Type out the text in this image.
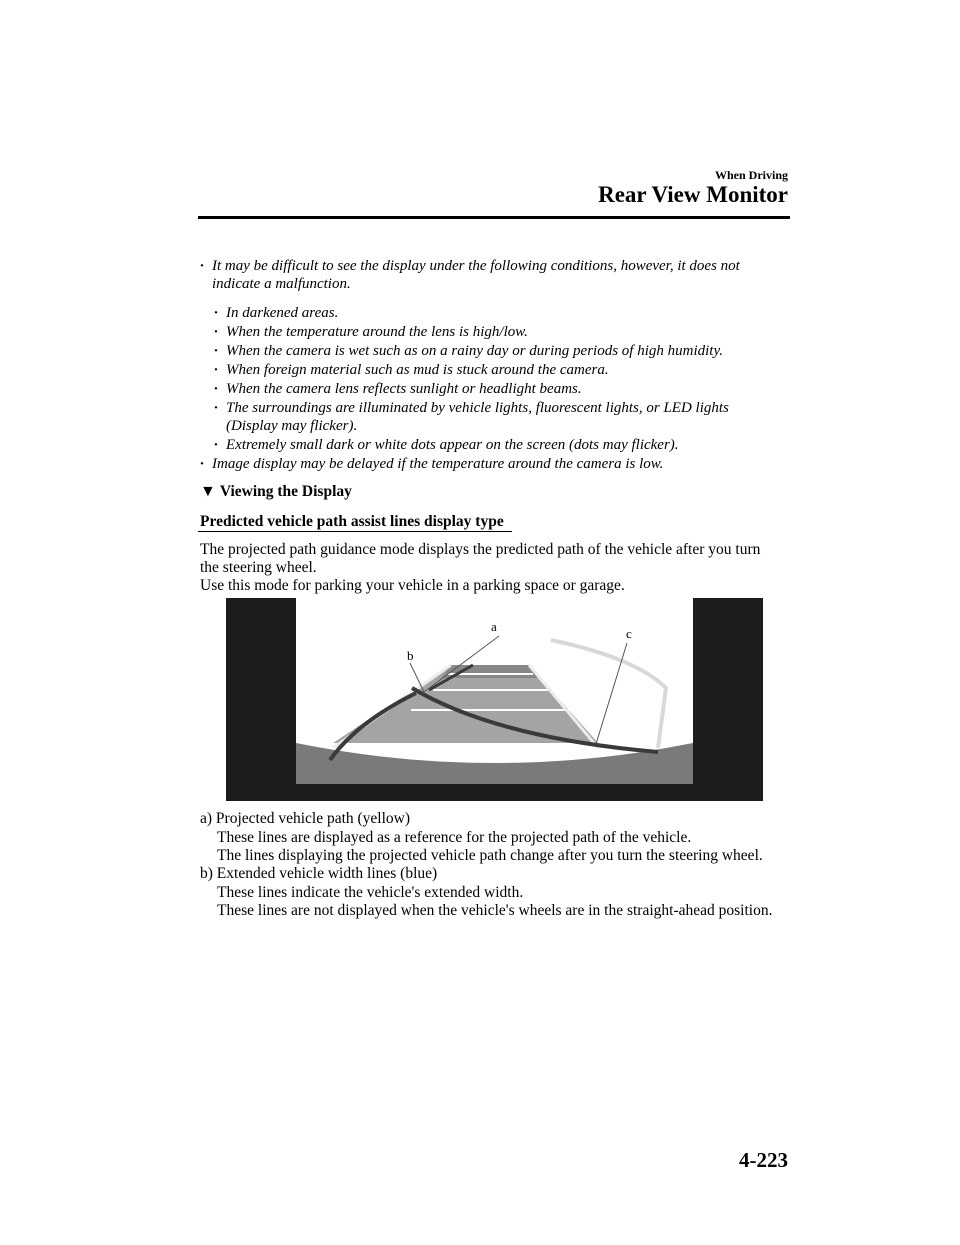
When Driving
Rear View Monitor
· It may be difficult to see the display under the following conditions, however, it does not
indicate a malfunction.
· In darkened areas.
· When the temperature around the lens is high/low.
· When the camera is wet such as on a rainy day or during periods of high humidity.
· When foreign material such as mud is stuck around the camera.
· When the camera lens reflects sunlight or headlight beams.
· The surroundings are illuminated by vehicle lights, fluorescent lights, or LED lights
(Display may flicker).
· Extremely small dark or white dots appear on the screen (dots may flicker).
· Image display may be delayed if the temperature around the camera is low.
▼ Viewing the Display
Predicted vehicle path assist lines display type
The projected path guidance mode displays the predicted path of the vehicle after you turn
the steering wheel.
Use this mode for parking your vehicle in a parking space or garage.
a
b
c
a) Projected vehicle path (yellow)
These lines are displayed as a reference for the projected path of the vehicle.
The lines displaying the projected vehicle path change after you turn the steering wheel.
b) Extended vehicle width lines (blue)
These lines indicate the vehicle's extended width.
These lines are not displayed when the vehicle's wheels are in the straight-ahead position.
4-223
